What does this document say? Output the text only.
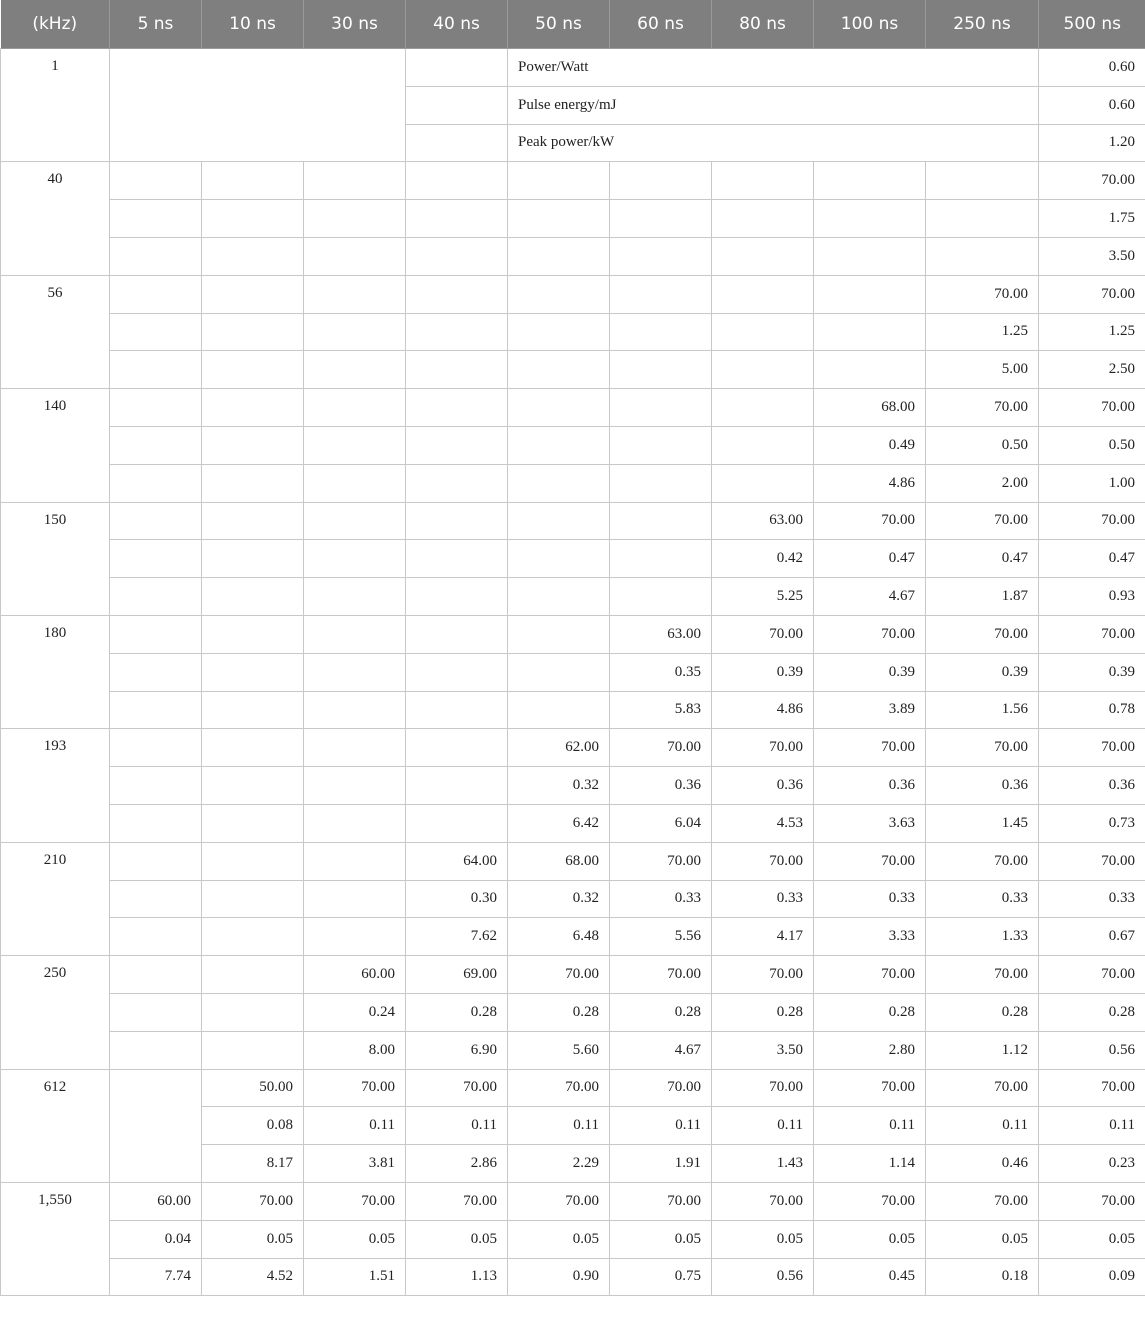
(kHz)	5 ns	10 ns	30 ns	40 ns	50 ns	60 ns	80 ns	100 ns	250 ns	500 ns
1					Power/Watt					0.60
					Pulse energy/mJ					0.60
					Peak power/kW					1.20
40										70.00
										1.75
										3.50
56									70.00	70.00
									1.25	1.25
									5.00	2.50
140								68.00	70.00	70.00
								0.49	0.50	0.50
								4.86	2.00	1.00
150							63.00	70.00	70.00	70.00
							0.42	0.47	0.47	0.47
							5.25	4.67	1.87	0.93
180						63.00	70.00	70.00	70.00	70.00
						0.35	0.39	0.39	0.39	0.39
						5.83	4.86	3.89	1.56	0.78
193					62.00	70.00	70.00	70.00	70.00	70.00
					0.32	0.36	0.36	0.36	0.36	0.36
					6.42	6.04	4.53	3.63	1.45	0.73
210				64.00	68.00	70.00	70.00	70.00	70.00	70.00
				0.30	0.32	0.33	0.33	0.33	0.33	0.33
				7.62	6.48	5.56	4.17	3.33	1.33	0.67
250			60.00	69.00	70.00	70.00	70.00	70.00	70.00	70.00
			0.24	0.28	0.28	0.28	0.28	0.28	0.28	0.28
			8.00	6.90	5.60	4.67	3.50	2.80	1.12	0.56
612		50.00	70.00	70.00	70.00	70.00	70.00	70.00	70.00	70.00
		0.08	0.11	0.11	0.11	0.11	0.11	0.11	0.11	0.11
		8.17	3.81	2.86	2.29	1.91	1.43	1.14	0.46	0.23
1,550	60.00	70.00	70.00	70.00	70.00	70.00	70.00	70.00	70.00	70.00
	0.04	0.05	0.05	0.05	0.05	0.05	0.05	0.05	0.05	0.05
	7.74	4.52	1.51	1.13	0.90	0.75	0.56	0.45	0.18	0.09
